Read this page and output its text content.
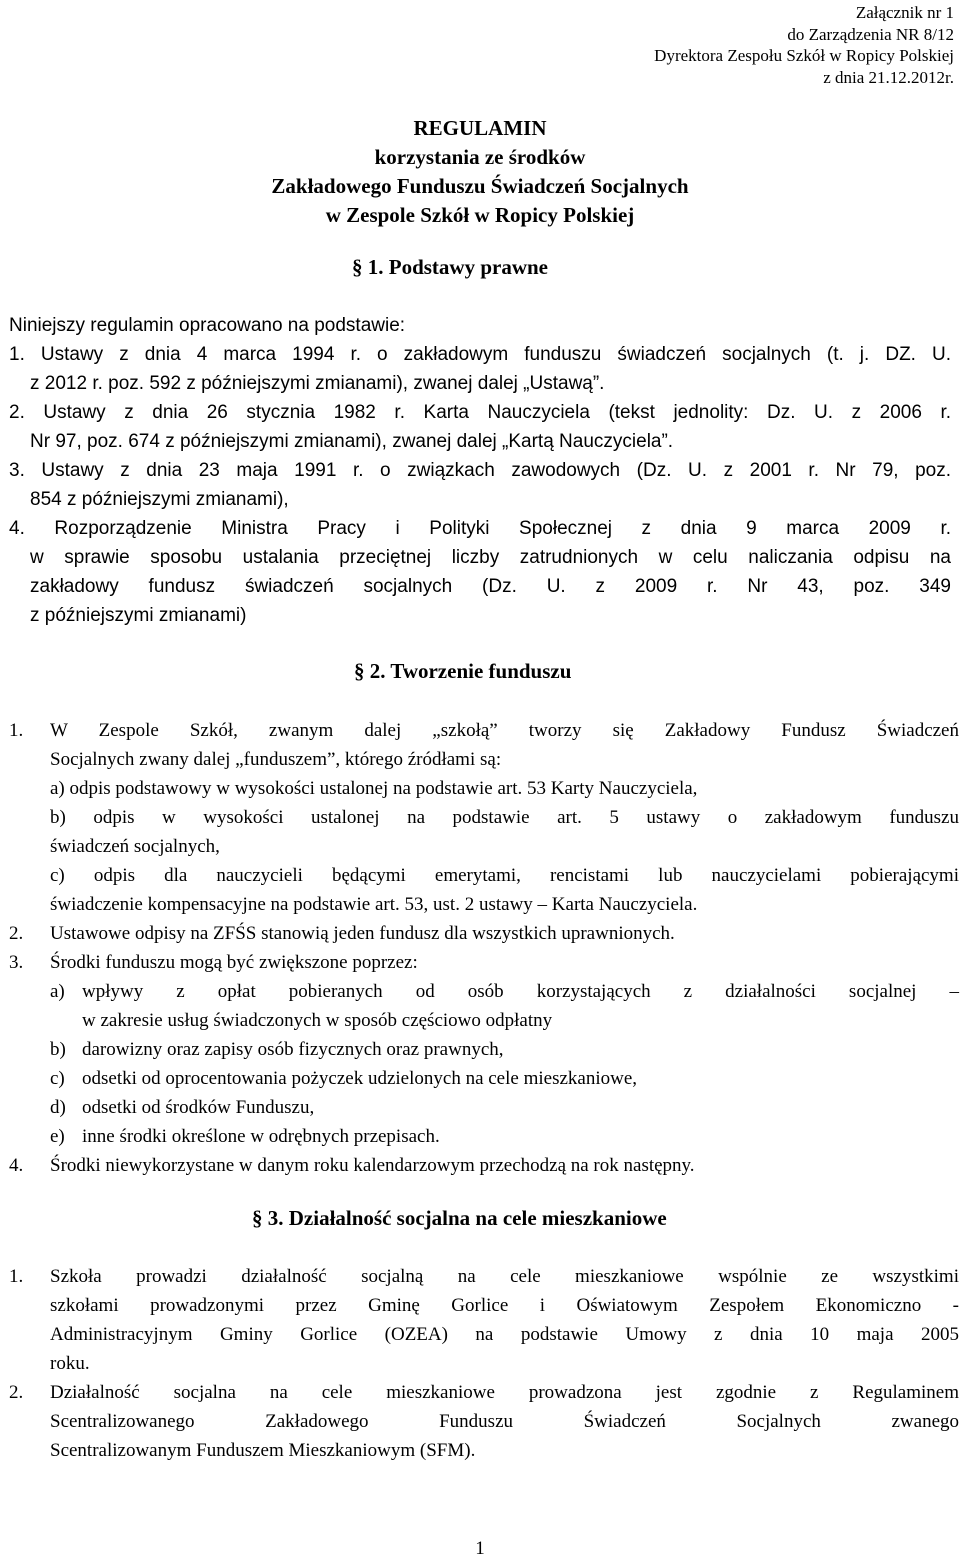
Załącznik nr 1
do Zarządzenia NR 8/12
Dyrektora Zespołu Szkół w Ropicy Polskiej
z dnia 21.12.2012r.
REGULAMIN
korzystania ze środków
Zakładowego Funduszu Świadczeń Socjalnych
w Zespole Szkół w Ropicy Polskiej
§ 1. Podstawy prawne
Niniejszy regulamin opracowano na podstawie:
1. Ustawy z dnia 4 marca 1994 r. o zakładowym funduszu świadczeń socjalnych (t. j. DZ. U.
z 2012 r. poz. 592 z późniejszymi zmianami), zwanej dalej „Ustawą”.
2. Ustawy z dnia 26 stycznia 1982 r. Karta Nauczyciela (tekst jednolity: Dz. U. z 2006 r.
Nr 97, poz. 674 z późniejszymi zmianami), zwanej dalej „Kartą Nauczyciela”.
3. Ustawy z dnia 23 maja 1991 r. o związkach zawodowych (Dz. U. z 2001 r. Nr 79, poz.
854 z późniejszymi zmianami),
4. Rozporządzenie Ministra Pracy i Polityki Społecznej z dnia 9 marca 2009 r.
w sprawie sposobu ustalania przeciętnej liczby zatrudnionych w celu naliczania odpisu na
zakładowy fundusz świadczeń socjalnych (Dz. U. z 2009 r. Nr 43, poz. 349
z późniejszymi zmianami)
§ 2. Tworzenie funduszu
1. W Zespole Szkół, zwanym dalej „szkołą” tworzy się Zakładowy Fundusz Świadczeń
Socjalnych zwany dalej „funduszem”, którego źródłami są:
a) odpis podstawowy w wysokości ustalonej na podstawie art. 53 Karty Nauczyciela,
b) odpis w wysokości ustalonej na podstawie art. 5 ustawy o zakładowym funduszu
świadczeń socjalnych,
c) odpis dla nauczycieli będącymi emerytami, rencistami lub nauczycielami pobierającymi
świadczenie kompensacyjne na podstawie art. 53, ust. 2 ustawy – Karta Nauczyciela.
2. Ustawowe odpisy na ZFŚS stanowią jeden fundusz dla wszystkich uprawnionych.
3. Środki funduszu mogą być zwiększone poprzez:
a) wpływy z opłat pobieranych od osób korzystających z działalności socjalnej –
w zakresie usług świadczonych w sposób częściowo odpłatny
b) darowizny oraz zapisy osób fizycznych oraz prawnych,
c) odsetki od oprocentowania pożyczek udzielonych na cele mieszkaniowe,
d) odsetki od środków Funduszu,
e) inne środki określone w odrębnych przepisach.
4. Środki niewykorzystane w danym roku kalendarzowym przechodzą na rok następny.
§ 3. Działalność socjalna na cele mieszkaniowe
1. Szkoła prowadzi działalność socjalną na cele mieszkaniowe wspólnie ze wszystkimi
szkołami prowadzonymi przez Gminę Gorlice i Oświatowym Zespołem Ekonomiczno -
Administracyjnym Gminy Gorlice (OZEA) na podstawie Umowy z dnia 10 maja 2005
roku.
2. Działalność socjalna na cele mieszkaniowe prowadzona jest zgodnie z Regulaminem
Scentralizowanego Zakładowego Funduszu Świadczeń Socjalnych zwanego
Scentralizowanym Funduszem Mieszkaniowym (SFM).
1
